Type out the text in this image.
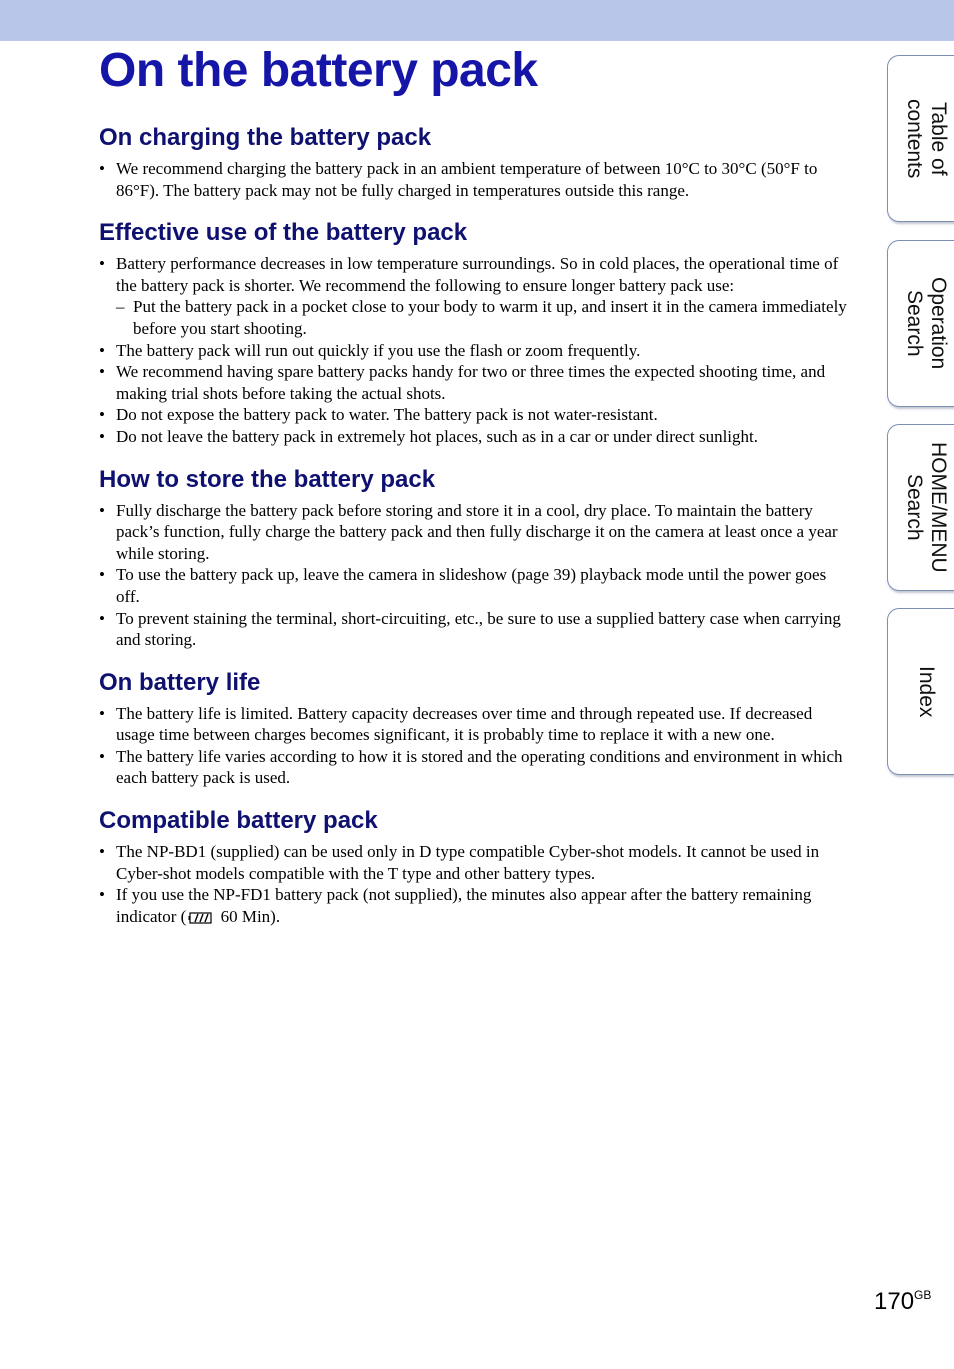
On the battery pack
On charging the battery pack
• We recommend charging the battery pack in an ambient temperature of between 10°C to 30°C (50°F to 86°F). The battery pack may not be fully charged in temperatures outside this range.
Effective use of the battery pack
• Battery performance decreases in low temperature surroundings. So in cold places, the operational time of the battery pack is shorter. We recommend the following to ensure longer battery pack use:
– Put the battery pack in a pocket close to your body to warm it up, and insert it in the camera immediately before you start shooting.
• The battery pack will run out quickly if you use the flash or zoom frequently.
• We recommend having spare battery packs handy for two or three times the expected shooting time, and making trial shots before taking the actual shots.
• Do not expose the battery pack to water. The battery pack is not water-resistant.
• Do not leave the battery pack in extremely hot places, such as in a car or under direct sunlight.
How to store the battery pack
• Fully discharge the battery pack before storing and store it in a cool, dry place. To maintain the battery pack’s function, fully charge the battery pack and then fully discharge it on the camera at least once a year while storing.
• To use the battery pack up, leave the camera in slideshow (page 39) playback mode until the power goes off.
• To prevent staining the terminal, short-circuiting, etc., be sure to use a supplied battery case when carrying and storing.
On battery life
• The battery life is limited. Battery capacity decreases over time and through repeated use. If decreased usage time between charges becomes significant, it is probably time to replace it with a new one.
• The battery life varies according to how it is stored and the operating conditions and environment in which each battery pack is used.
Compatible battery pack
• The NP-BD1 (supplied) can be used only in D type compatible Cyber-shot models. It cannot be used in Cyber-shot models compatible with the T type and other battery types.
• If you use the NP-FD1 battery pack (not supplied), the minutes also appear after the battery remaining indicator ( 60 Min).
Table of
contents
Operation
Search
HOME/MENU
Search
Index
$170^{GB}$
